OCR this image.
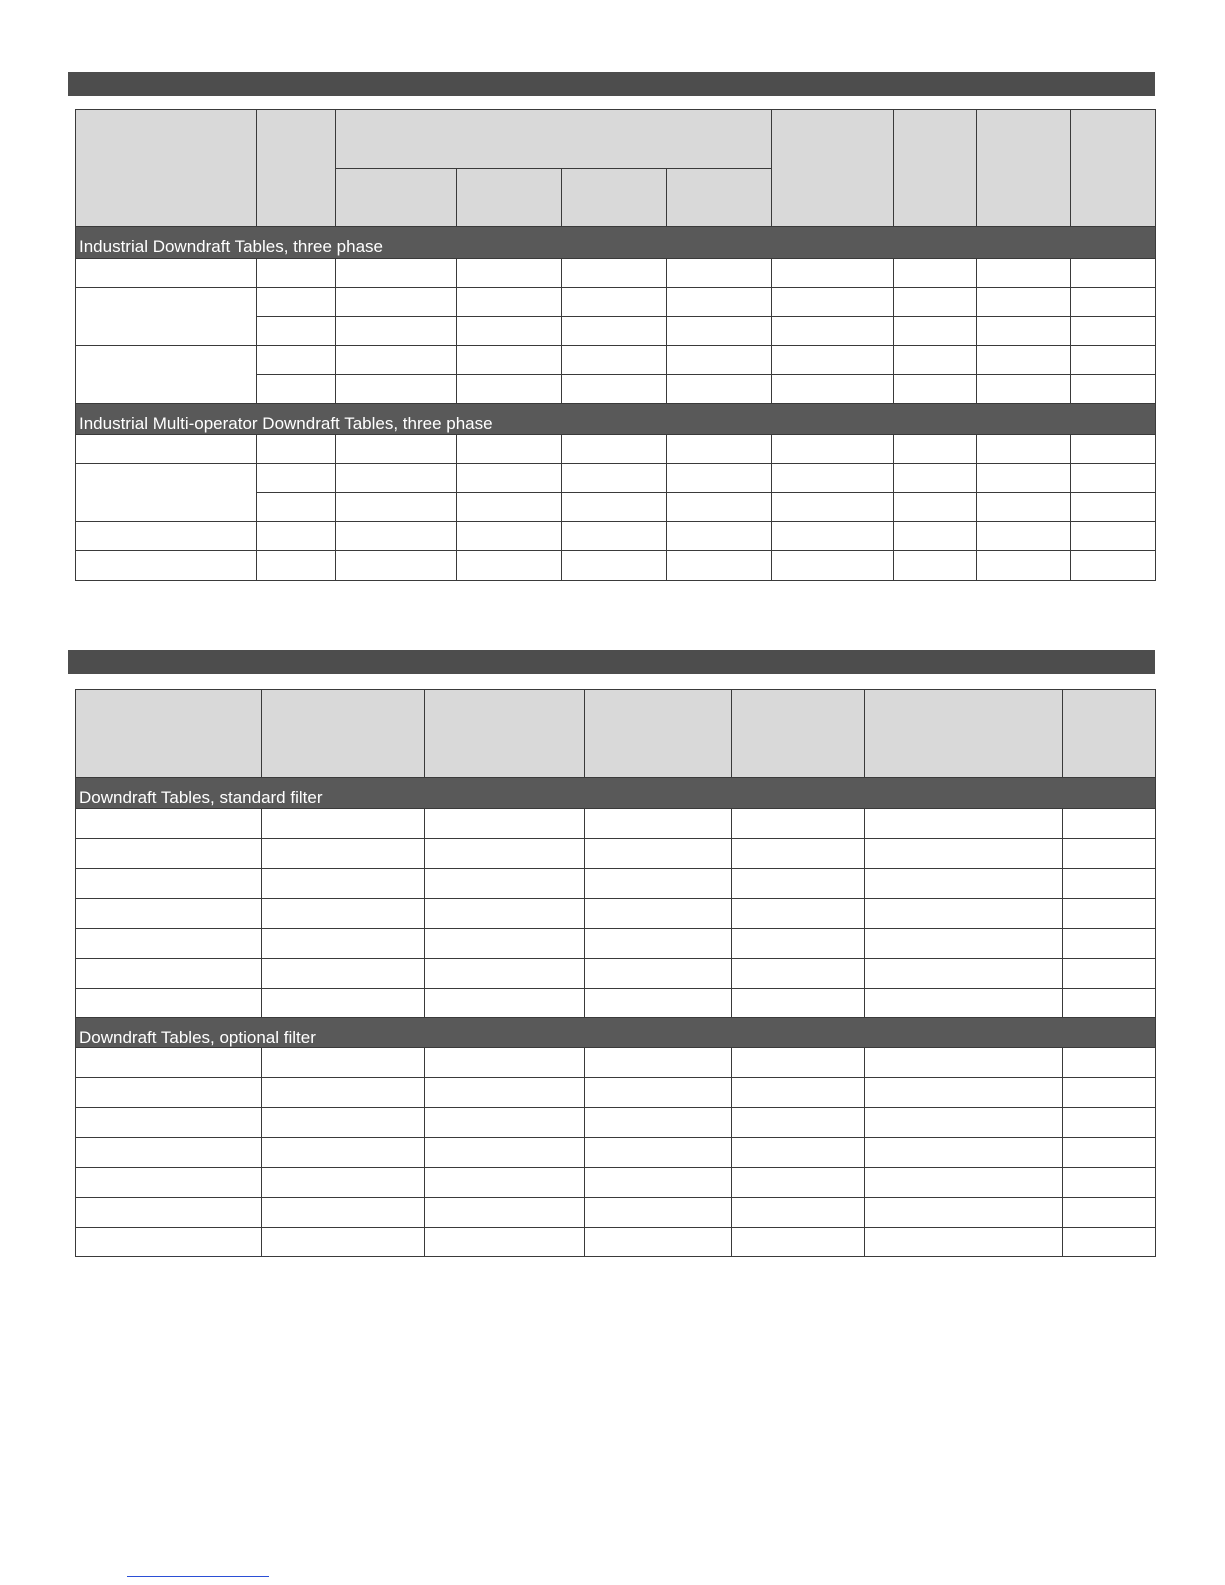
Industrial Downdraft Tables, three phase
Industrial Multi-operator Downdraft Tables, three phase
Downdraft Tables, standard filter
Downdraft Tables, optional filter
